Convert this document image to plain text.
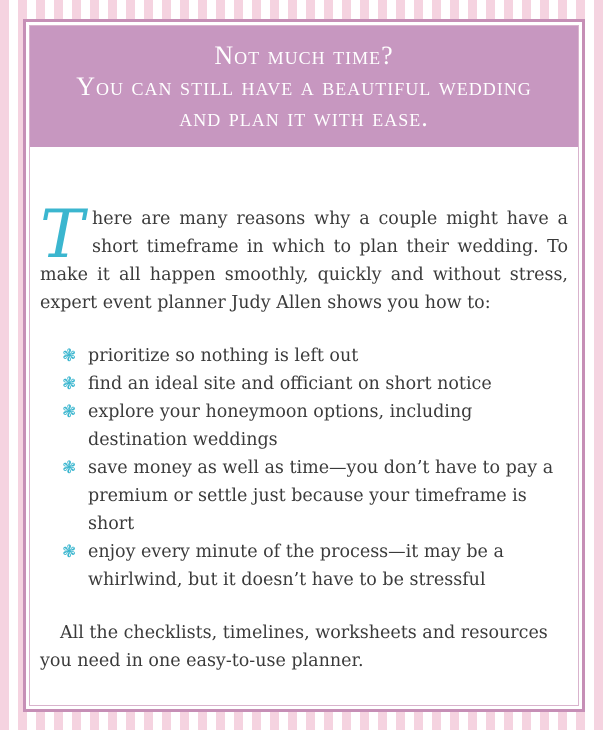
Not much time?
You can still have a beautiful wedding
and plan it with ease.

There are many reasons why a couple might have a short timeframe in which to plan their wedding. To make it all happen smoothly, quickly and without stress, expert event planner Judy Allen shows you how to:

❃ prioritize so nothing is left out
❃ find an ideal site and officiant on short notice
❃ explore your honeymoon options, including destination weddings
❃ save money as well as time—you don’t have to pay a premium or settle just because your timeframe is short
❃ enjoy every minute of the process—it may be a whirlwind, but it doesn’t have to be stressful

All the checklists, timelines, worksheets and resources you need in one easy-to-use planner.
